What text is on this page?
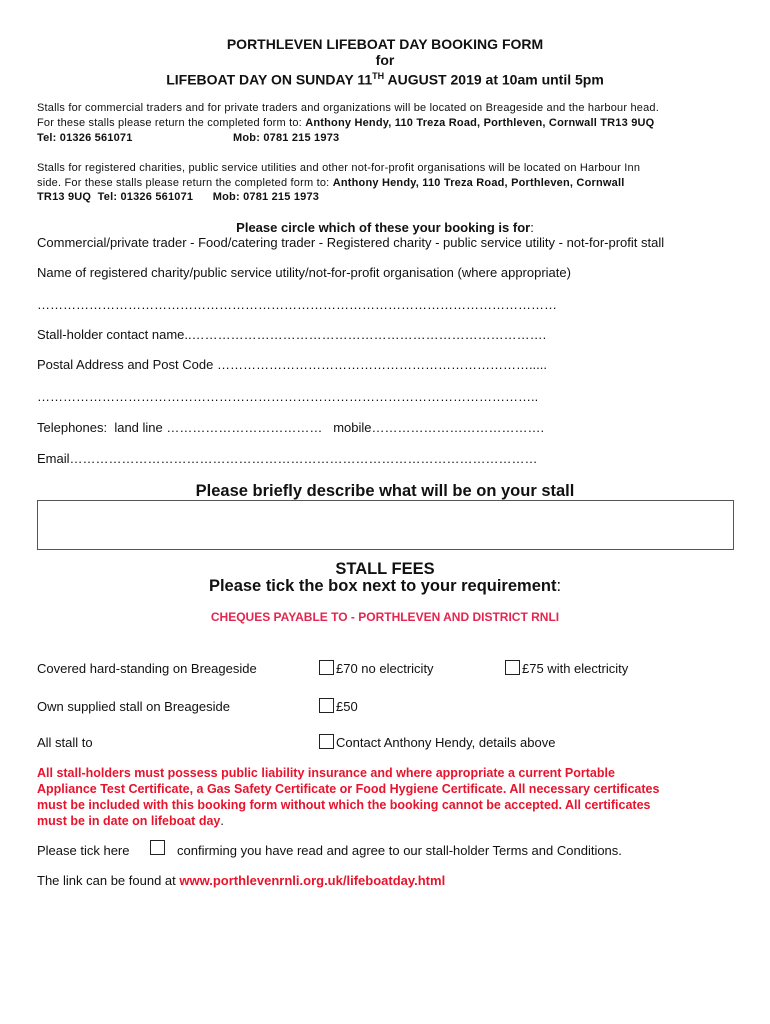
PORTHLEVEN LIFEBOAT DAY BOOKING FORM
for
LIFEBOAT DAY ON SUNDAY 11TH AUGUST 2019 at 10am until 5pm
Stalls for commercial traders and for private traders and organizations will be located on Breageside and the harbour head.
For these stalls please return the completed form to: Anthony Hendy, 110 Treza Road, Porthleven, Cornwall TR13 9UQ
Tel: 01326 561071	Mob: 0781 215 1973
Stalls for registered charities, public service utilities and other not-for-profit organisations will be located on Harbour Inn
side. For these stalls please return the completed form to: Anthony Hendy, 110 Treza Road, Porthleven, Cornwall
TR13 9UQ  Tel: 01326 561071      Mob: 0781 215 1973
Please circle which of these your booking is for:
Commercial/private trader - Food/catering trader - Registered charity - public service utility - not-for-profit stall
Name of registered charity/public service utility/not-for-profit organisation (where appropriate)
…………………………………………………………………………………………………………
Stall-holder contact name..……………………………………………………………………….
Postal Address and Post Code ……………………………………………………………….....
……………………………………………………………………………………………………..
Telephones:  land line ………………………………   mobile………………………………….
Email………………………………………………………………………………………………
Please briefly describe what will be on your stall
STALL FEES
Please tick the box next to your requirement:
CHEQUES PAYABLE TO - PORTHLEVEN AND DISTRICT RNLI
Covered hard-standing on Breageside	£70 no electricity	£75 with electricity
Own supplied stall on Breageside	£50
All stall to	Contact Anthony Hendy, details above
All stall-holders must possess public liability insurance and where appropriate a current Portable
Appliance Test Certificate, a Gas Safety Certificate or Food Hygiene Certificate. All necessary certificates
must be included with this booking form without which the booking cannot be accepted. All certificates
must be in date on lifeboat day.
Please tick here	confirming you have read and agree to our stall-holder Terms and Conditions.
The link can be found at www.porthlevenrnli.org.uk/lifeboatday.html
